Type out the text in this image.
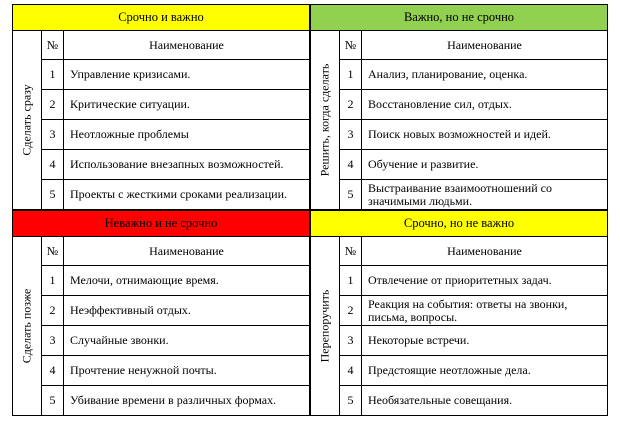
Срочно и важно
Сделать сразу
№	Наименование
1	Управление кризисами.
2	Критические ситуации.
3	Неотложные проблемы
4	Использование внезапных возможностей.
5	Проекты с жесткими сроками реализации.
Важно, но не срочно
Решить, когда сделать
№	Наименование
1	Анализ, планирование, оценка.
2	Восстановление сил, отдых.
3	Поиск новых возможностей и идей.
4	Обучение и развитие.
5	Выстраивание взаимоотношений со значимыми людьми.
Неважно и не срочно
Сделать позже
№	Наименование
1	Мелочи, отнимающие время.
2	Неэффективный отдых.
3	Случайные звонки.
4	Прочтение ненужной почты.
5	Убивание времени в различных формах.
Срочно, но не важно
Перепоручить
№	Наименование
1	Отвлечение от приоритетных задач.
2	Реакция на события: ответы на звонки, письма, вопросы.
3	Некоторые встречи.
4	Предстоящие неотложные дела.
5	Необязательные совещания.
